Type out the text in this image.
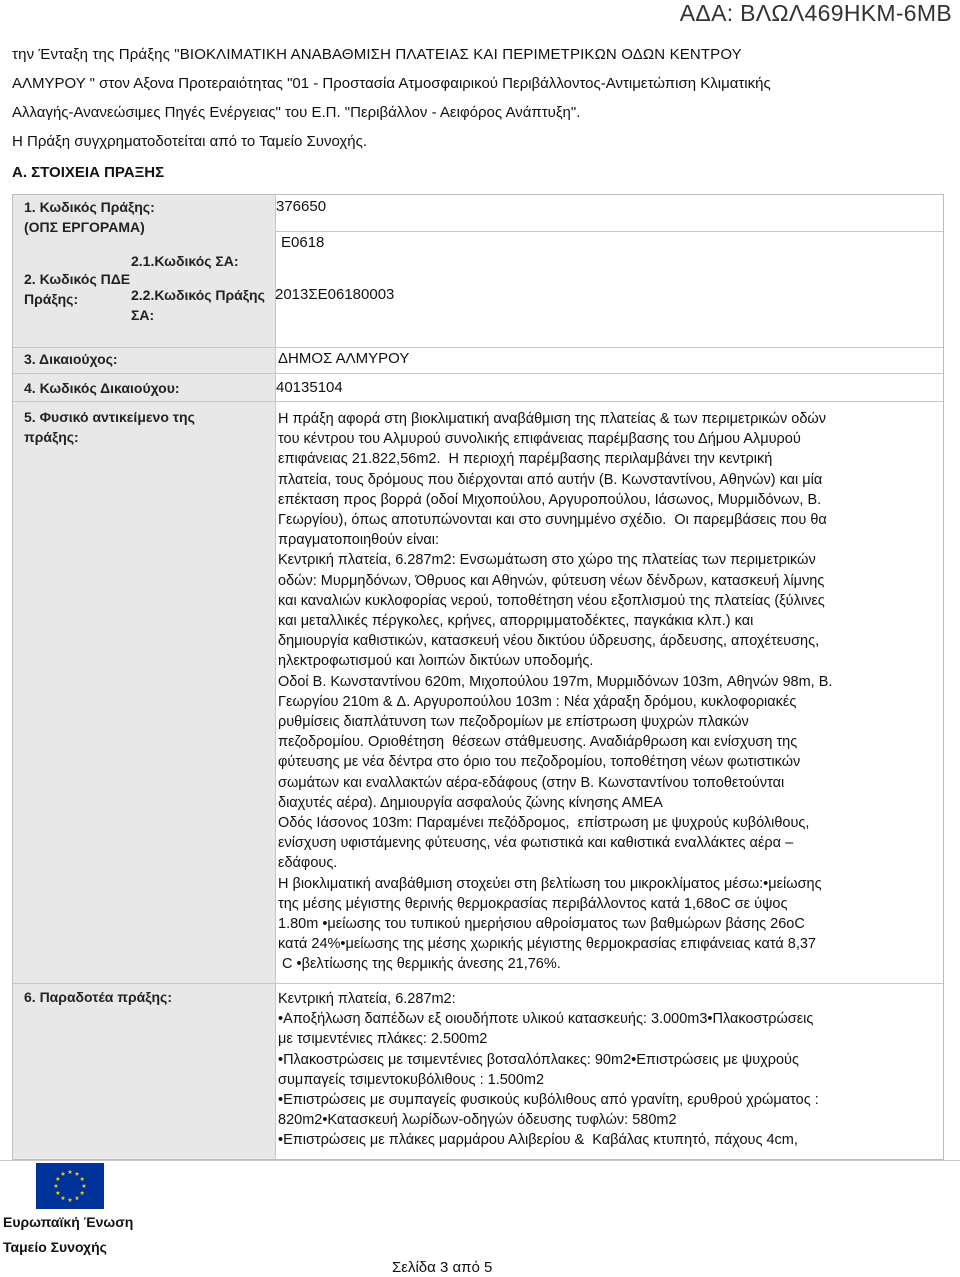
ΑΔΑ: ΒΛΩΛ469ΗΚΜ-6ΜΒ

την Ένταξη της Πράξης "ΒΙΟΚΛΙΜΑΤΙΚΗ ΑΝΑΒΑΘΜΙΣΗ ΠΛΑΤΕΙΑΣ ΚΑΙ ΠΕΡΙΜΕΤΡΙΚΩΝ ΟΔΩΝ ΚΕΝΤΡΟΥ

ΑΛΜΥΡΟΥ " στον Αξονα Προτεραιότητας "01 - Προστασία Ατμοσφαιρικού Περιβάλλοντος-Αντιμετώπιση Κλιματικής

Αλλαγής-Ανανεώσιμες Πηγές Ενέργειας" του Ε.Π. "Περιβάλλον - Αειφόρος Ανάπτυξη".

Η Πράξη συγχρηματοδοτείται από το Ταμείο Συνοχής.

Α. ΣΤΟΙΧΕΙΑ ΠΡΑΞΗΣ
1. Κωδικός Πράξης:
(ΟΠΣ ΕΡΓΟΡΑΜΑ)
376650
2. Κωδικός ΠΔΕ
Πράξης:
2.1.Κωδικός ΣΑ:
Ε0618
2.2.Κωδικός Πράξης
ΣΑ:
2013ΣΕ06180003
3. Δικαιούχος:	ΔΗΜΟΣ ΑΛΜΥΡΟΥ
4. Κωδικός Δικαιούχου:	40135104
5. Φυσικό αντικείμενο της
πράξης:

Η πράξη αφορά στη βιοκλιματική αναβάθμιση της πλατείας & των περιμετρικών οδών

του κέντρου του Αλμυρού συνολικής επιφάνειας παρέμβασης του Δήμου Αλμυρού

επιφάνειας 21.822,56m2.  Η περιοχή παρέμβασης περιλαμβάνει την κεντρική

πλατεία, τους δρόμους που διέρχονται από αυτήν (Β. Κωνσταντίνου, Αθηνών) και μία

επέκταση προς βορρά (οδοί Μιχοπούλου, Αργυροπούλου, Ιάσωνος, Μυρμιδόνων, Β.

Γεωργίου), όπως αποτυπώνονται και στο συνημμένο σχέδιο.  Οι παρεμβάσεις που θα

πραγματοποιηθούν είναι:

Κεντρική πλατεία, 6.287m2: Ενσωμάτωση στο χώρο της πλατείας των περιμετρικών

οδών: Μυρμηδόνων, Όθρυος και Αθηνών, φύτευση νέων δένδρων, κατασκευή λίμνης

και καναλιών κυκλοφορίας νερού, τοποθέτηση νέου εξοπλισμού της πλατείας (ξύλινες

και μεταλλικές πέργκολες, κρήνες, απορριμματοδέκτες, παγκάκια κλπ.) και

δημιουργία καθιστικών, κατασκευή νέου δικτύου ύδρευσης, άρδευσης, αποχέτευσης,

ηλεκτροφωτισμού και λοιπών δικτύων υποδομής.

Οδοί Β. Κωνσταντίνου 620m, Μιχοπούλου 197m, Μυρμιδόνων 103m, Αθηνών 98m, Β.

Γεωργίου 210m & Δ. Αργυροπούλου 103m : Νέα χάραξη δρόμου, κυκλοφοριακές

ρυθμίσεις διαπλάτυνση των πεζοδρομίων με επίστρωση ψυχρών πλακών

πεζοδρομίου. Οριοθέτηση  θέσεων στάθμευσης. Αναδιάρθρωση και ενίσχυση της

φύτευσης με νέα δέντρα στο όριο του πεζοδρομίου, τοποθέτηση νέων φωτιστικών

σωμάτων και εναλλακτών αέρα-εδάφους (στην Β. Κωνσταντίνου τοποθετούνται

διαχυτές αέρα). Δημιουργία ασφαλούς ζώνης κίνησης ΑΜΕΑ

Οδός Ιάσονος 103m: Παραμένει πεζόδρομος,  επίστρωση με ψυχρούς κυβόλιθους,

ενίσχυση υφιστάμενης φύτευσης, νέα φωτιστικά και καθιστικά εναλλάκτες αέρα –

εδάφους.

Η βιοκλιματική αναβάθμιση στοχεύει στη βελτίωση του μικροκλίματος μέσω:•μείωσης

της μέσης μέγιστης θερινής θερμοκρασίας περιβάλλοντος κατά 1,68oC σε ύψος

1.80m •μείωσης του τυπικού ημερήσιου αθροίσματος των βαθμώρων βάσης 26oC

κατά 24%•μείωσης της μέσης χωρικής μέγιστης θερμοκρασίας επιφάνειας κατά 8,37

C •βελτίωσης της θερμικής άνεσης 21,76%.

6. Παραδοτέα πράξης:	Κεντρική πλατεία, 6.287m2:

•Αποξήλωση δαπέδων εξ οιουδήποτε υλικού κατασκευής: 3.000m3•Πλακοστρώσεις

με τσιμεντένιες πλάκες: 2.500m2

•Πλακοστρώσεις με τσιμεντένιες βοτσαλόπλακες: 90m2•Επιστρώσεις με ψυχρούς

συμπαγείς τσιμεντοκυβόλιθους : 1.500m2

•Επιστρώσεις με συμπαγείς φυσικούς κυβόλιθους από γρανίτη, ερυθρού χρώματος :

820m2•Κατασκευή λωρίδων-οδηγών όδευσης τυφλών: 580m2

•Επιστρώσεις με πλάκες μαρμάρου Αλιβερίου &  Καβάλας κτυπητό, πάχους 4cm,

Ευρωπαϊκή Ένωση
Ταμείο Συνοχής
Σελίδα 3 από 5
